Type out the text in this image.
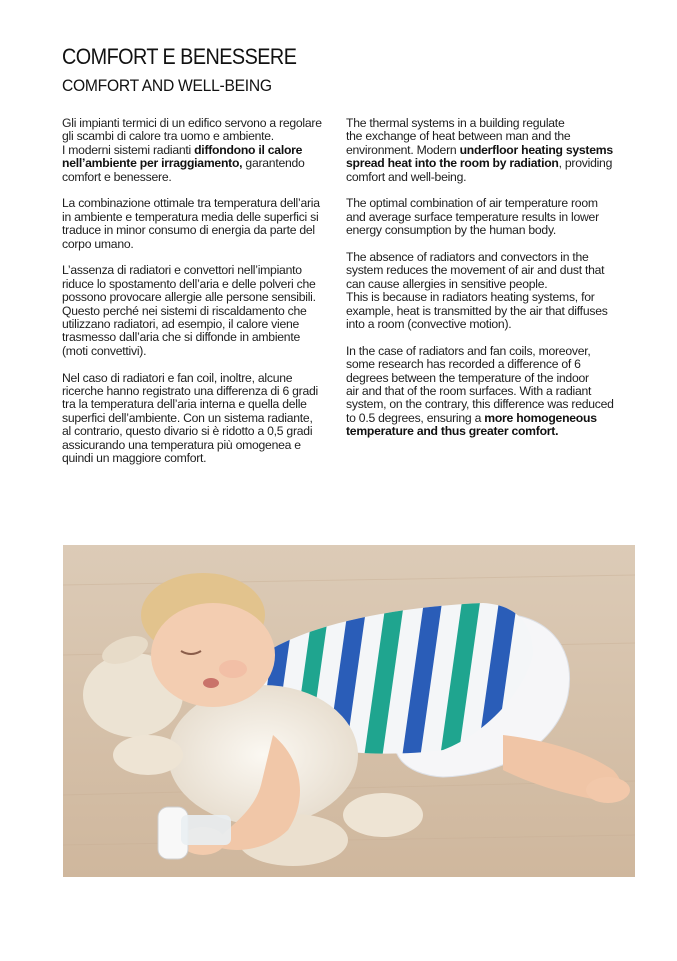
COMFORT E BENESSERE
COMFORT AND WELL-BEING

Gli impianti termici di un edifico servono a regolare
gli scambi di calore tra uomo e ambiente.
I moderni sistemi radianti diffondono il calore
nell’ambiente per irraggiamento, garantendo
comfort e benessere.

La combinazione ottimale tra temperatura dell’aria
in ambiente e temperatura media delle superfici si
traduce in minor consumo di energia da parte del
corpo umano.

L’assenza di radiatori e convettori nell’impianto
riduce lo spostamento dell’aria e delle polveri che
possono provocare allergie alle persone sensibili.
Questo perché nei sistemi di riscaldamento che
utilizzano radiatori, ad esempio, il calore viene
trasmesso dall’aria che si diffonde in ambiente
(moti convettivi).

Nel caso di radiatori e fan coil, inoltre, alcune
ricerche hanno registrato una differenza di 6 gradi
tra la temperatura dell’aria interna e quella delle
superfici dell’ambiente. Con un sistema radiante,
al contrario, questo divario si è ridotto a 0,5 gradi
assicurando una temperatura più omogenea e
quindi un maggiore comfort.

The thermal systems in a building regulate
the exchange of heat between man and the
environment. Modern underfloor heating systems
spread heat into the room by radiation, providing
comfort and well-being.

The optimal combination of air temperature room
and average surface temperature results in lower
energy consumption by the human body.

The absence of radiators and convectors in the
system reduces the movement of air and dust that
can cause allergies in sensitive people.
This is because in radiators heating systems, for
example, heat is transmitted by the air that diffuses
into a room (convective motion).

In the case of radiators and fan coils, moreover,
some research has recorded a difference of 6
degrees between the temperature of the indoor
air and that of the room surfaces. With a radiant
system, on the contrary, this difference was reduced
to 0.5 degrees, ensuring a more homogeneous
temperature and thus greater comfort.
